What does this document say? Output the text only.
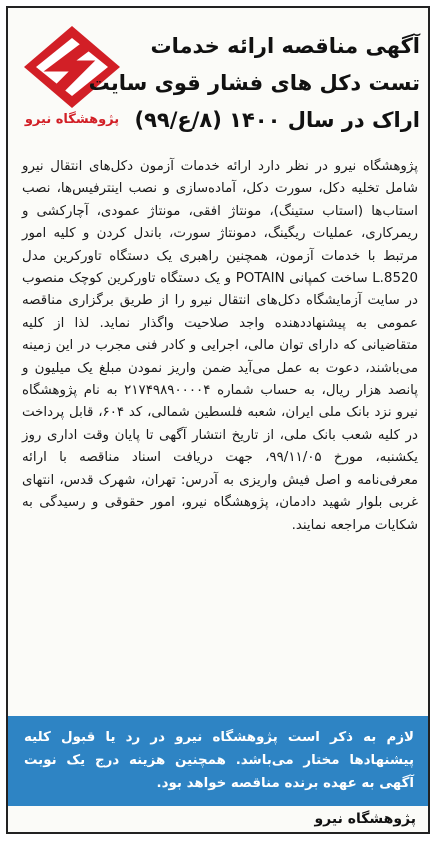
پژوهشگاه نیرو
آگهی مناقصه ارائه خدمات
تست دکل های فشار قوی سایت
اراک در سال ۱۴۰۰ (۸/ع/۹۹)
پژوهشگاه نیرو در نظر دارد ارائه خدمات آزمون دکل‌های انتقال نیرو شامل تخلیه دکل، سورت دکل، آماده‌سازی و نصب اینترفیس‌ها، نصب استاب‌ها (استاب ستینگ)، مونتاژ افقی، مونتاژ عمودی، آچارکشی و ریمرکاری، عملیات ریگینگ، دمونتاژ سورت، باندل کردن و کلیه امور مرتبط با خدمات آزمون، همچنین راهبری یک دستگاه تاورکرین مدل 8520.L ساخت کمپانی POTAIN و یک دستگاه تاورکرین کوچک منصوب در سایت آزمایشگاه دکل‌های انتقال نیرو را از طریق برگزاری مناقصه عمومی به پیشنهاددهنده واجد صلاحیت واگذار نماید. لذا از کلیه متقاضیانی که دارای توان مالی، اجرایی و کادر فنی مجرب در این زمینه می‌باشند، دعوت به عمل می‌آید ضمن واریز نمودن مبلغ یک میلیون و پانصد هزار ریال، به حساب شماره ۲۱۷۴۹۸۹۰۰۰۰۴ به نام پژوهشگاه نیرو نزد بانک ملی ایران، شعبه فلسطین شمالی، کد ۶۰۴، قابل پرداخت در کلیه شعب بانک ملی، از تاریخ انتشار آگهی تا پایان وقت اداری روز یکشنبه، مورخ ۹۹/۱۱/۰۵، جهت دریافت اسناد مناقصه با ارائه معرفی‌نامه و اصل فیش واریزی به آدرس: تهران، شهرک قدس، انتهای غربی بلوار شهید دادمان، پژوهشگاه نیرو، امور حقوقی و رسیدگی به شکایات مراجعه نمایند.
لازم به ذکر است پژوهشگاه نیرو در رد یا قبول کلیه پیشنهادها مختار می‌باشد. همچنین هزینه درج یک نوبت آگهی به عهده برنده مناقصه خواهد بود.
پژوهشگاه نیرو
